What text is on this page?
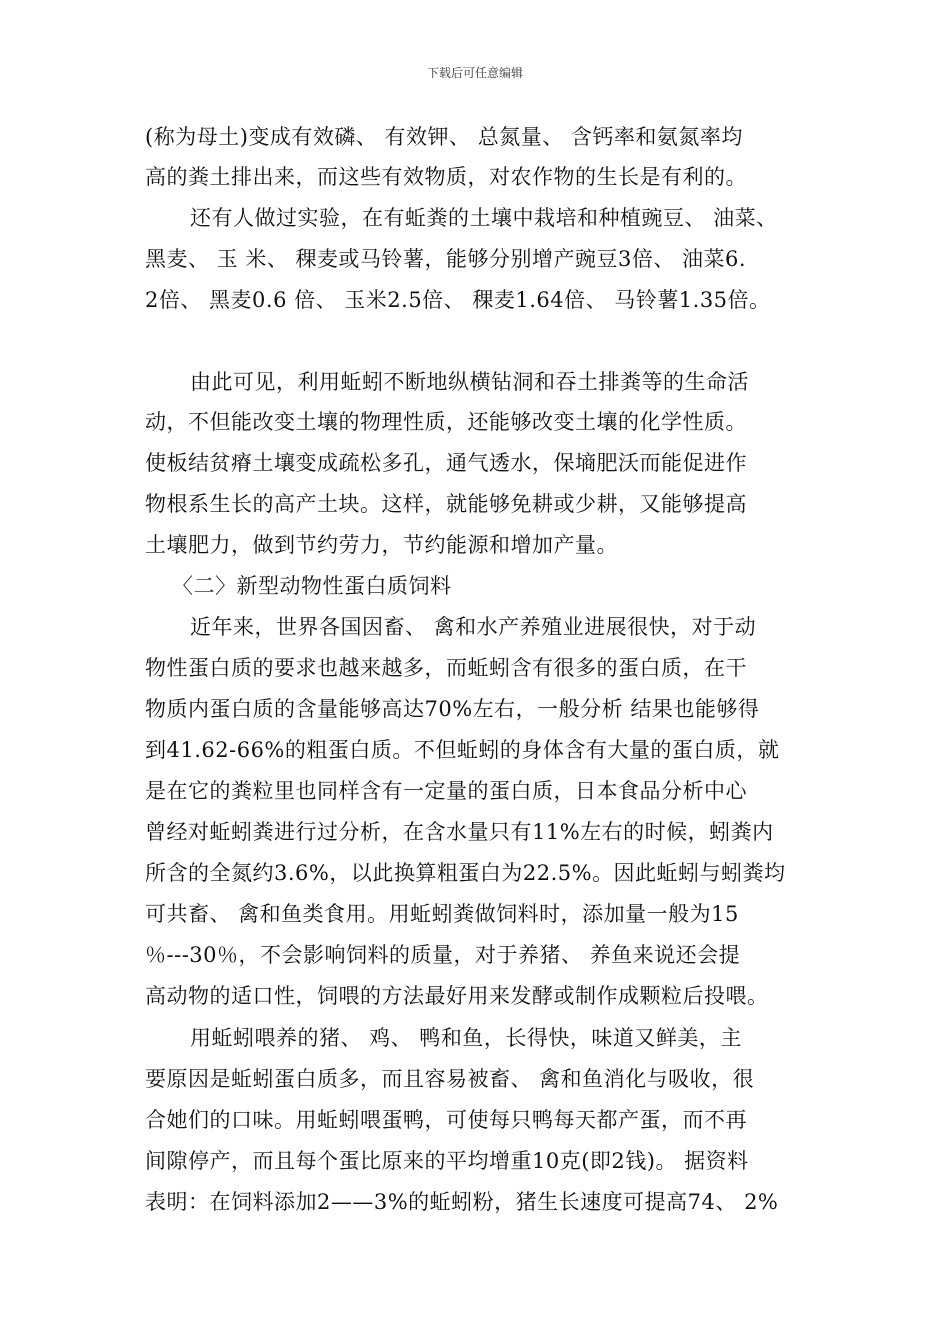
下载后可任意编辑
(称为母土)变成有效磷、 有效钾、 总氮量、 含钙率和氨氮率均
高的粪土排出来，而这些有效物质，对农作物的生长是有利的。
还有人做过实验，在有蚯粪的土壤中栽培和种植豌豆、 油菜、
黑麦、 玉 米、 稞麦或马铃薯，能够分别增产豌豆3倍、 油菜6.
2倍、 黑麦0.6 倍、 玉米2.5倍、 稞麦1.64倍、 马铃薯1.35倍。
由此可见，利用蚯蚓不断地纵横钻洞和吞土排粪等的生命活
动，不但能改变土壤的物理性质，还能够改变土壤的化学性质。
使板结贫瘠土壤变成疏松多孔，通气透水，保墒肥沃而能促进作
物根系生长的高产土块。这样，就能够免耕或少耕，又能够提高
土壤肥力，做到节约劳力，节约能源和增加产量。
〈二〉新型动物性蛋白质饲料
近年来，世界各国因畜、 禽和水产养殖业进展很快，对于动
物性蛋白质的要求也越来越多，而蚯蚓含有很多的蛋白质，在干
物质内蛋白质的含量能够高达70%左右，一般分析 结果也能够得
到41.62-66%的粗蛋白质。不但蚯蚓的身体含有大量的蛋白质，就
是在它的粪粒里也同样含有一定量的蛋白质，日本食品分析中心
曾经对蚯蚓粪进行过分析，在含水量只有11%左右的时候，蚓粪内
所含的全氮约3.6%，以此换算粗蛋白为22.5%。因此蚯蚓与蚓粪均
可共畜、 禽和鱼类食用。用蚯蚓粪做饲料时，添加量一般为15
％---30％，不会影响饲料的质量，对于养猪、 养鱼来说还会提
高动物的适口性，饲喂的方法最好用来发酵或制作成颗粒后投喂。
用蚯蚓喂养的猪、 鸡、 鸭和鱼，长得快，味道又鲜美，主
要原因是蚯蚓蛋白质多，而且容易被畜、 禽和鱼消化与吸收，很
合她们的口味。用蚯蚓喂蛋鸭，可使每只鸭每天都产蛋，而不再
间隙停产，而且每个蛋比原来的平均增重10克(即2钱)。 据资料
表明：在饲料添加2——3%的蚯蚓粉，猪生长速度可提高74、 2%
